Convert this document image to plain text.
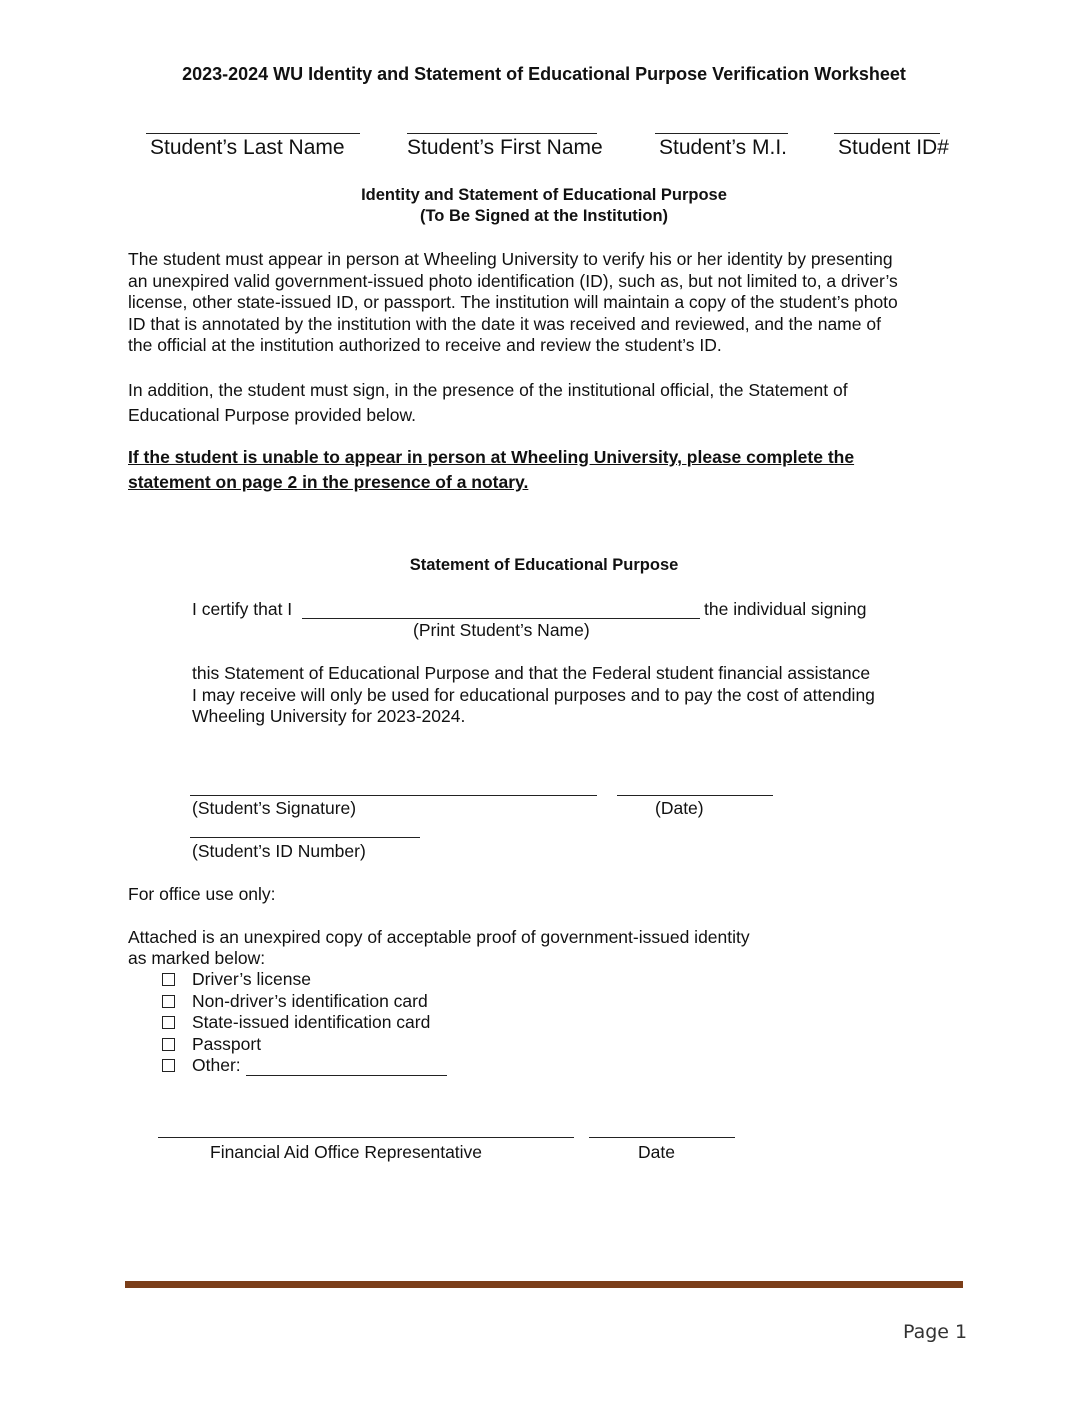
2023-2024 WU Identity and Statement of Educational Purpose Verification Worksheet
Student’s Last Name	Student’s First Name	Student’s M.I. Student ID#
Identity and Statement of Educational Purpose
(To Be Signed at the Institution)
The student must appear in person at Wheeling University to verify his or her identity by presenting
an unexpired valid government-issued photo identification (ID), such as, but not limited to, a driver’s
license, other state-issued ID, or passport. The institution will maintain a copy of the student’s photo
ID that is annotated by the institution with the date it was received and reviewed, and the name of
the official at the institution authorized to receive and review the student’s ID.
In addition, the student must sign, in the presence of the institutional official, the Statement of
Educational Purpose provided below.
If the student is unable to appear in person at Wheeling University, please complete the
statement on page 2 in the presence of a notary.
Statement of Educational Purpose
I certify that I	the individual signing
(Print Student’s Name)
this Statement of Educational Purpose and that the Federal student financial assistance
I may receive will only be used for educational purposes and to pay the cost of attending
Wheeling University for 2023-2024.
(Student’s Signature)	(Date)
(Student’s ID Number)
For office use only:
Attached is an unexpired copy of acceptable proof of government-issued identity
as marked below:
Driver’s license
Non-driver’s identification card
State-issued identification card
Passport
Other:
Financial Aid Office Representative	Date
Page 1
